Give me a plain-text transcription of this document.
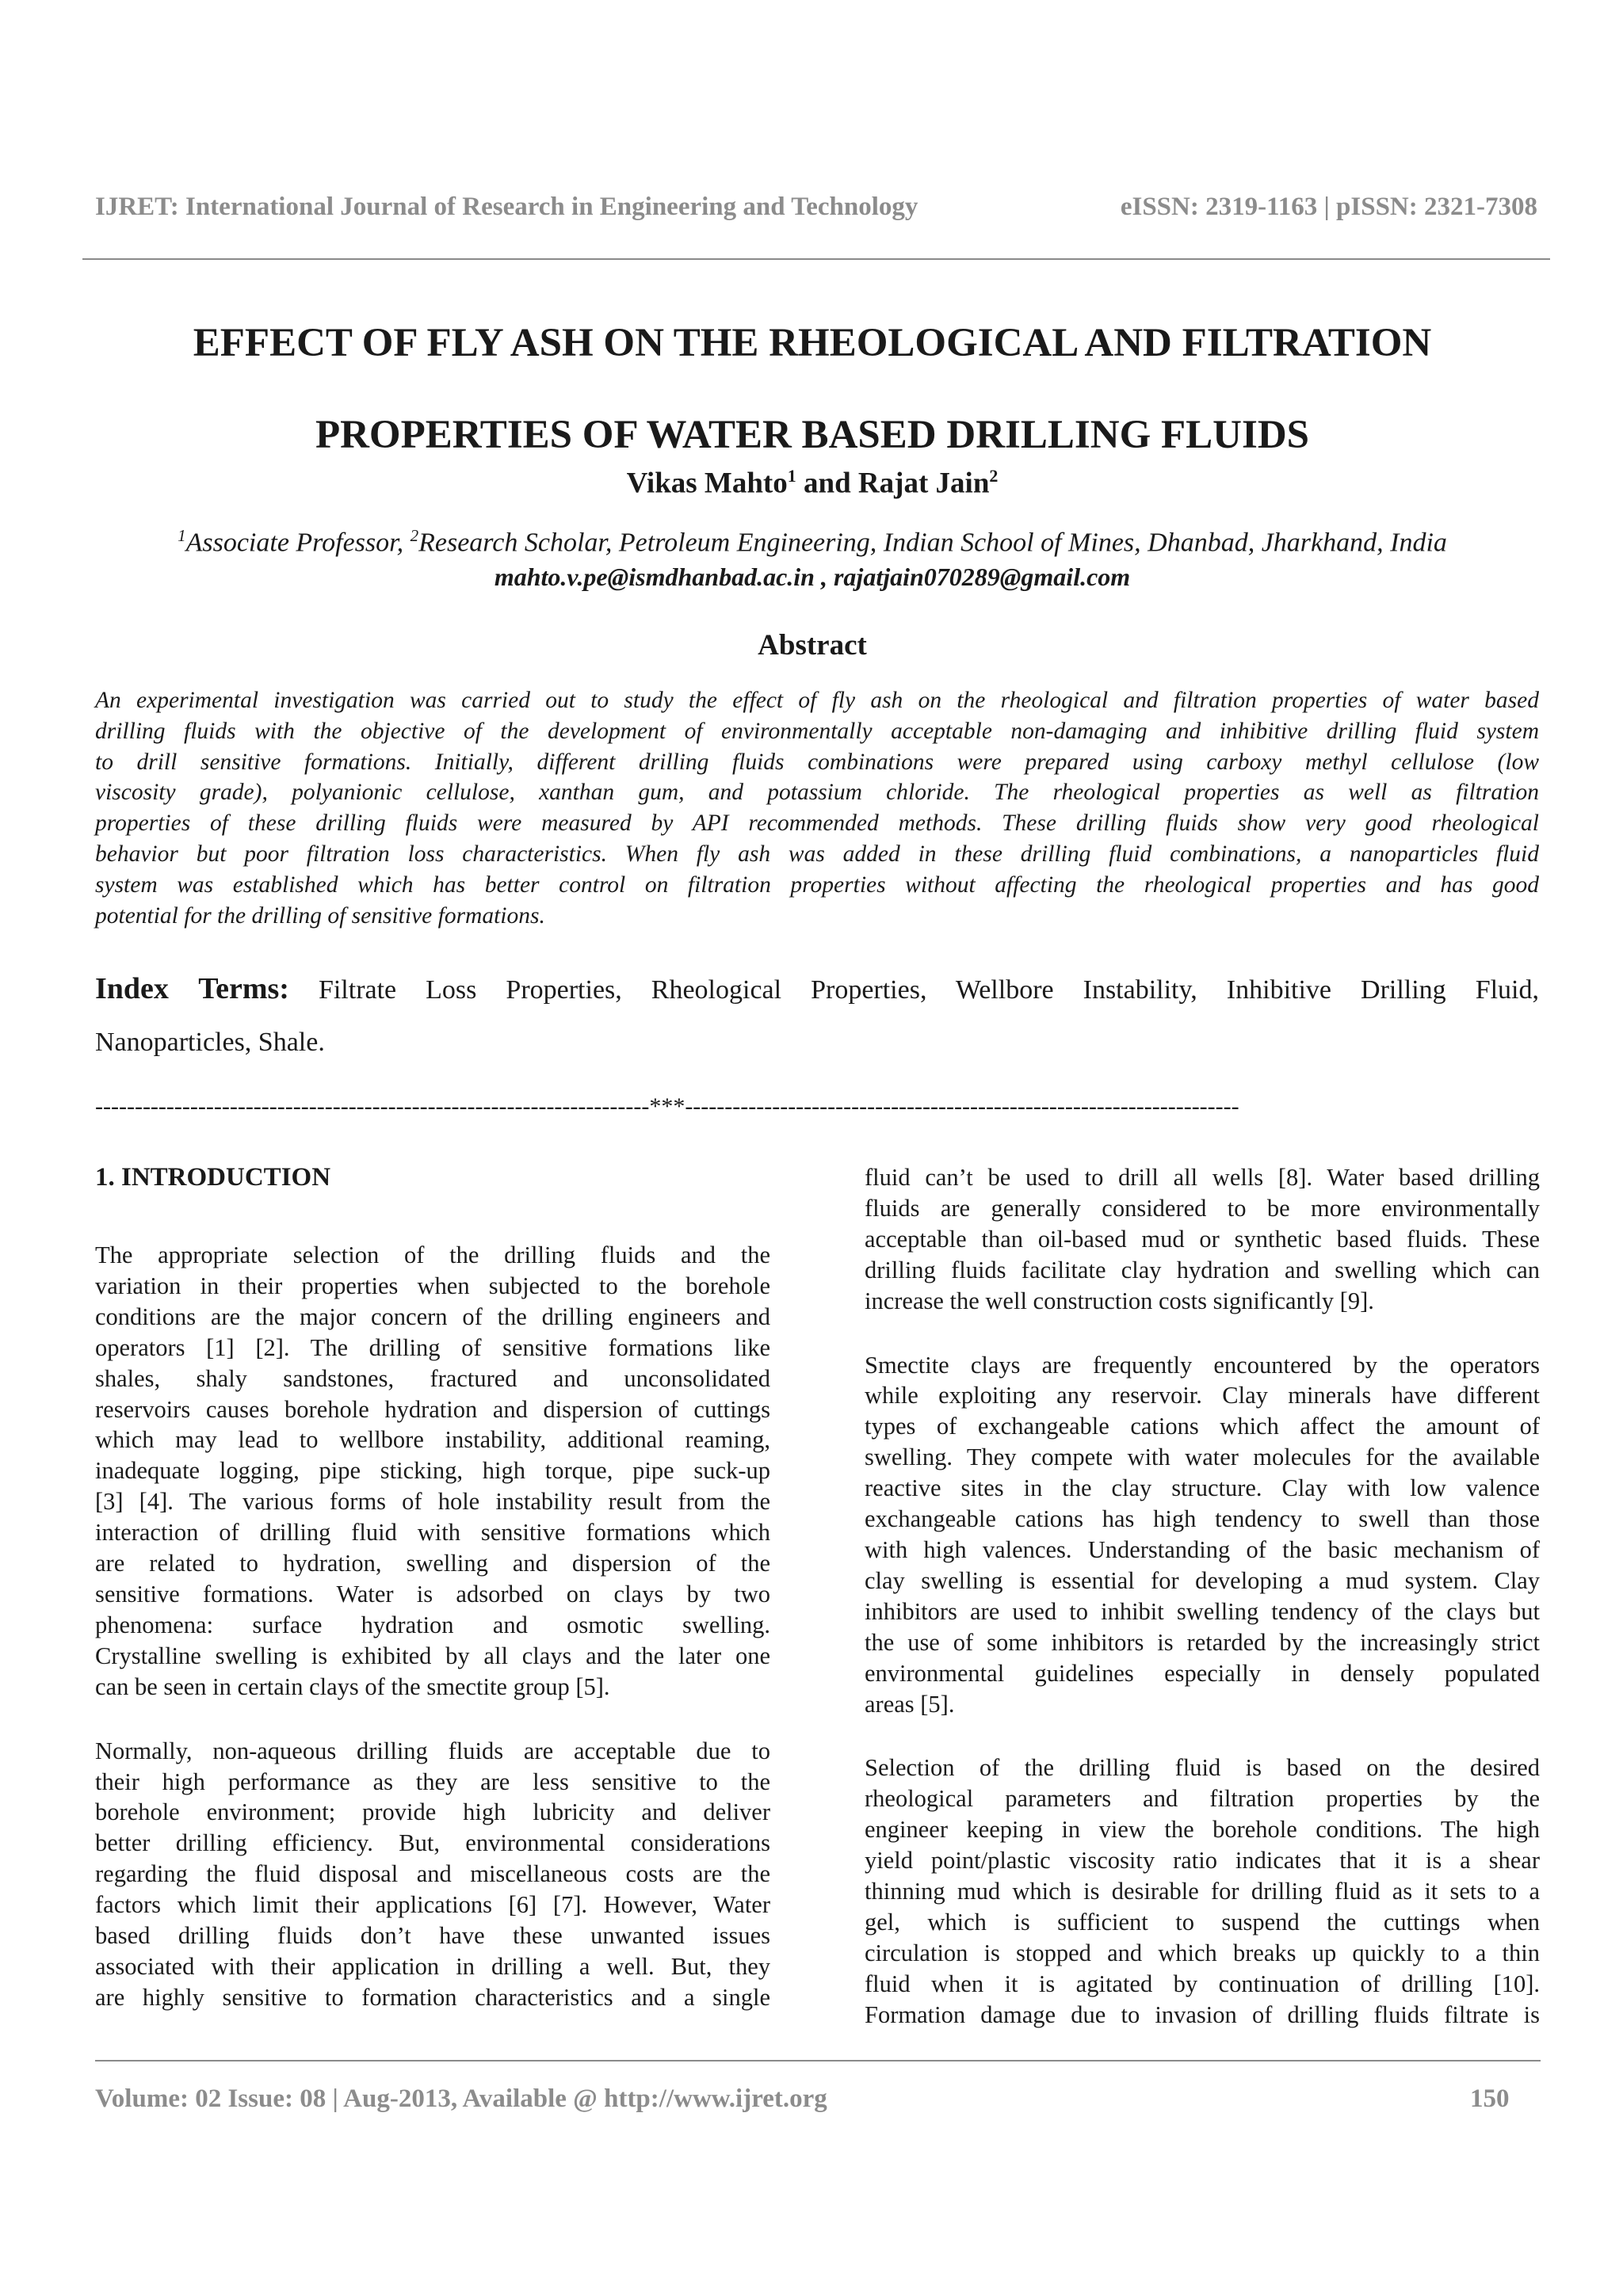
IJRET: International Journal of Research in Engineering and Technology	eISSN: 2319-1163 | pISSN: 2321-7308
EFFECT OF FLY ASH ON THE RHEOLOGICAL AND FILTRATION
PROPERTIES OF WATER BASED DRILLING FLUIDS
Vikas Mahto$^1$ and Rajat Jain$^2$
$^1$Associate Professor, $^2$Research Scholar, Petroleum Engineering, Indian School of Mines, Dhanbad, Jharkhand, India
mahto.v.pe@ismdhanbad.ac.in , rajatjain070289@gmail.com
Abstract
An experimental investigation was carried out to study the effect of fly ash on the rheological and filtration properties of water based
drilling fluids with the objective of the development of environmentally acceptable non-damaging and inhibitive drilling fluid system
to drill sensitive formations. Initially, different drilling fluids combinations were prepared using carboxy methyl cellulose (low
viscosity grade), polyanionic cellulose, xanthan gum, and potassium chloride. The rheological properties as well as filtration
properties of these drilling fluids were measured by API recommended methods. These drilling fluids show very good rheological
behavior but poor filtration loss characteristics. When fly ash was added in these drilling fluid combinations, a nanoparticles fluid
system was established which has better control on filtration properties without affecting the rheological properties and has good
potential for the drilling of sensitive formations.
Index Terms: Filtrate Loss Properties, Rheological Properties, Wellbore Instability, Inhibitive Drilling Fluid,
Nanoparticles, Shale.
----------------------------------------------------------------------***----------------------------------------------------------------------
1. INTRODUCTION
The appropriate selection of the drilling fluids and the
variation in their properties when subjected to the borehole
conditions are the major concern of the drilling engineers and
operators [1] [2]. The drilling of sensitive formations like
shales, shaly sandstones, fractured and unconsolidated
reservoirs causes borehole hydration and dispersion of cuttings
which may lead to wellbore instability, additional reaming,
inadequate logging, pipe sticking, high torque, pipe suck-up
[3] [4]. The various forms of hole instability result from the
interaction of drilling fluid with sensitive formations which
are related to hydration, swelling and dispersion of the
sensitive formations. Water is adsorbed on clays by two
phenomena: surface hydration and osmotic swelling.
Crystalline swelling is exhibited by all clays and the later one
can be seen in certain clays of the smectite group [5].
Normally, non-aqueous drilling fluids are acceptable due to
their high performance as they are less sensitive to the
borehole environment; provide high lubricity and deliver
better drilling efficiency. But, environmental considerations
regarding the fluid disposal and miscellaneous costs are the
factors which limit their applications [6] [7]. However, Water
based drilling fluids don’t have these unwanted issues
associated with their application in drilling a well. But, they
are highly sensitive to formation characteristics and a single
fluid can’t be used to drill all wells [8]. Water based drilling
fluids are generally considered to be more environmentally
acceptable than oil-based mud or synthetic based fluids. These
drilling fluids facilitate clay hydration and swelling which can
increase the well construction costs significantly [9].
Smectite clays are frequently encountered by the operators
while exploiting any reservoir. Clay minerals have different
types of exchangeable cations which affect the amount of
swelling. They compete with water molecules for the available
reactive sites in the clay structure. Clay with low valence
exchangeable cations has high tendency to swell than those
with high valences. Understanding of the basic mechanism of
clay swelling is essential for developing a mud system. Clay
inhibitors are used to inhibit swelling tendency of the clays but
the use of some inhibitors is retarded by the increasingly strict
environmental guidelines especially in densely populated
areas [5].
Selection of the drilling fluid is based on the desired
rheological parameters and filtration properties by the
engineer keeping in view the borehole conditions. The high
yield point/plastic viscosity ratio indicates that it is a shear
thinning mud which is desirable for drilling fluid as it sets to a
gel, which is sufficient to suspend the cuttings when
circulation is stopped and which breaks up quickly to a thin
fluid when it is agitated by continuation of drilling [10].
Formation damage due to invasion of drilling fluids filtrate is
Volume: 02 Issue: 08 | Aug-2013, Available @ http://www.ijret.org	150
